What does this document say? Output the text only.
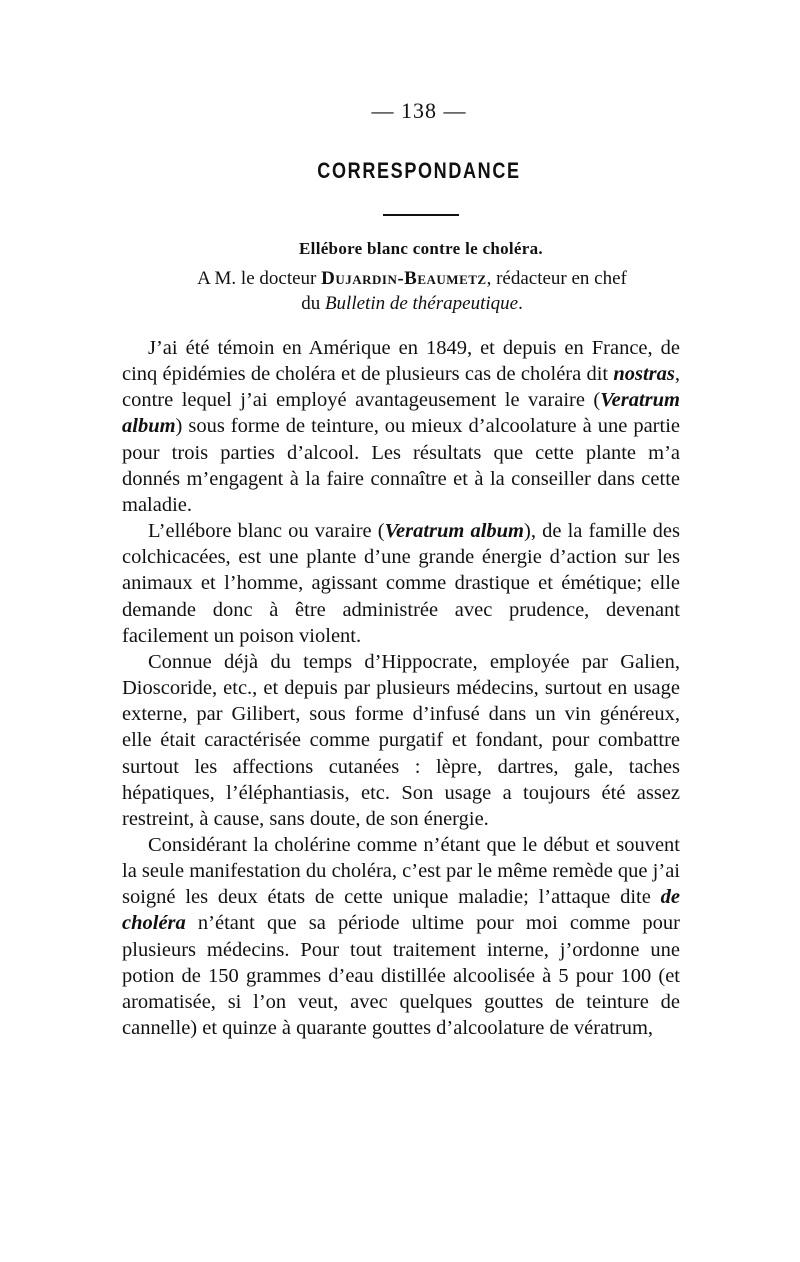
— 138 —
CORRESPONDANCE
Ellébore blanc contre le choléra.
A M. le docteur Dujardin-Beaumetz, rédacteur en chef
du Bulletin de thérapeutique.

J’ai été témoin en Amérique en 1849, et depuis en France, de cinq épidémies de choléra et de plusieurs cas de choléra dit nostras, contre lequel j’ai employé avantageusement le varaire (Veratrum album) sous forme de teinture, ou mieux d’alcoolature à une partie pour trois parties d’alcool. Les résultats que cette plante m’a donnés m’engagent à la faire connaître et à la conseiller dans cette maladie.

L’ellébore blanc ou varaire (Veratrum album), de la famille des colchicacées, est une plante d’une grande énergie d’action sur les animaux et l’homme, agissant comme drastique et émétique; elle demande donc à être administrée avec prudence, devenant facilement un poison violent.

Connue déjà du temps d’Hippocrate, employée par Galien, Dioscoride, etc., et depuis par plusieurs médecins, surtout en usage externe, par Gilibert, sous forme d’infusé dans un vin généreux, elle était caractérisée comme purgatif et fondant, pour combattre surtout les affections cutanées : lèpre, dartres, gale, taches hépatiques, l’éléphantiasis, etc. Son usage a toujours été assez restreint, à cause, sans doute, de son énergie.

Considérant la cholérine comme n’étant que le début et souvent la seule manifestation du choléra, c’est par le même remède que j’ai soigné les deux états de cette unique maladie; l’attaque dite de choléra n’étant que sa période ultime pour moi comme pour plusieurs médecins. Pour tout traitement interne, j’ordonne une potion de 150 grammes d’eau distillée alcoolisée à 5 pour 100 (et aromatisée, si l’on veut, avec quelques gouttes de teinture de cannelle) et quinze à quarante gouttes d’alcoolature de vératrum,
